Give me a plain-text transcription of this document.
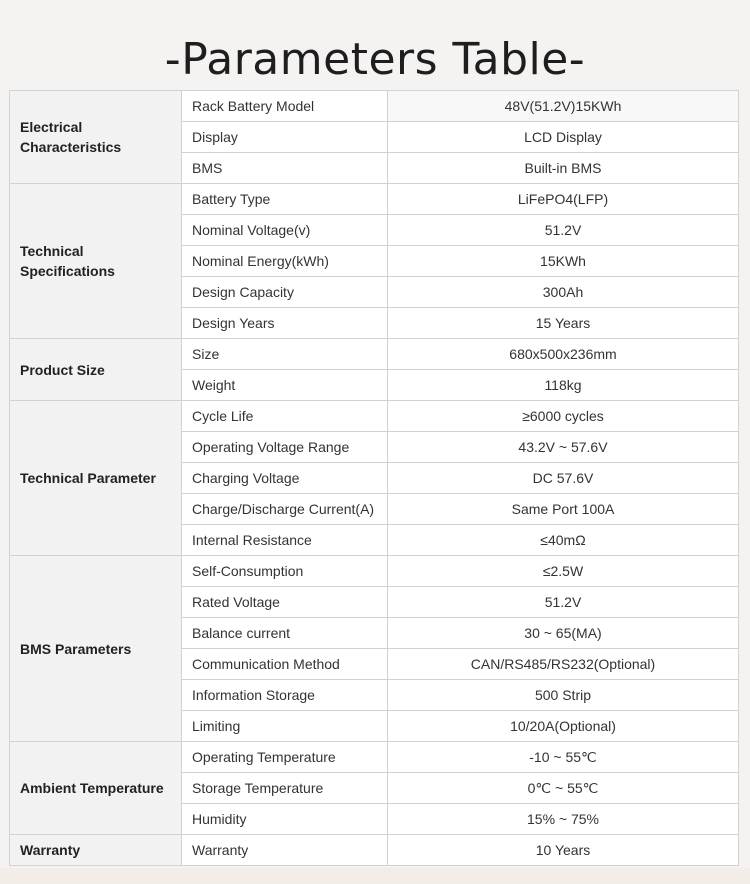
-Parameters Table-
Electrical Characteristics	Rack Battery Model	48V(51.2V)15KWh
	Display	LCD Display
	BMS	Built-in BMS
Technical Specifications	Battery Type	LiFePO4(LFP)
	Nominal Voltage(v)	51.2V
	Nominal Energy(kWh)	15KWh
	Design Capacity	300Ah
	Design Years	15 Years
Product Size	Size	680x500x236mm
	Weight	118kg
Technical Parameter	Cycle Life	≥6000 cycles
	Operating Voltage Range	43.2V ~ 57.6V
	Charging Voltage	DC 57.6V
	Charge/Discharge Current(A)	Same Port 100A
	Internal Resistance	≤40mΩ
BMS Parameters	Self-Consumption	≤2.5W
	Rated Voltage	51.2V
	Balance current	30 ~ 65(MA)
	Communication Method	CAN/RS485/RS232(Optional)
	Information Storage	500 Strip
	Limiting	10/20A(Optional)
Ambient Temperature	Operating Temperature	-10 ~ 55℃
	Storage Temperature	0℃ ~ 55℃
	Humidity	15% ~ 75%
Warranty	Warranty	10 Years
